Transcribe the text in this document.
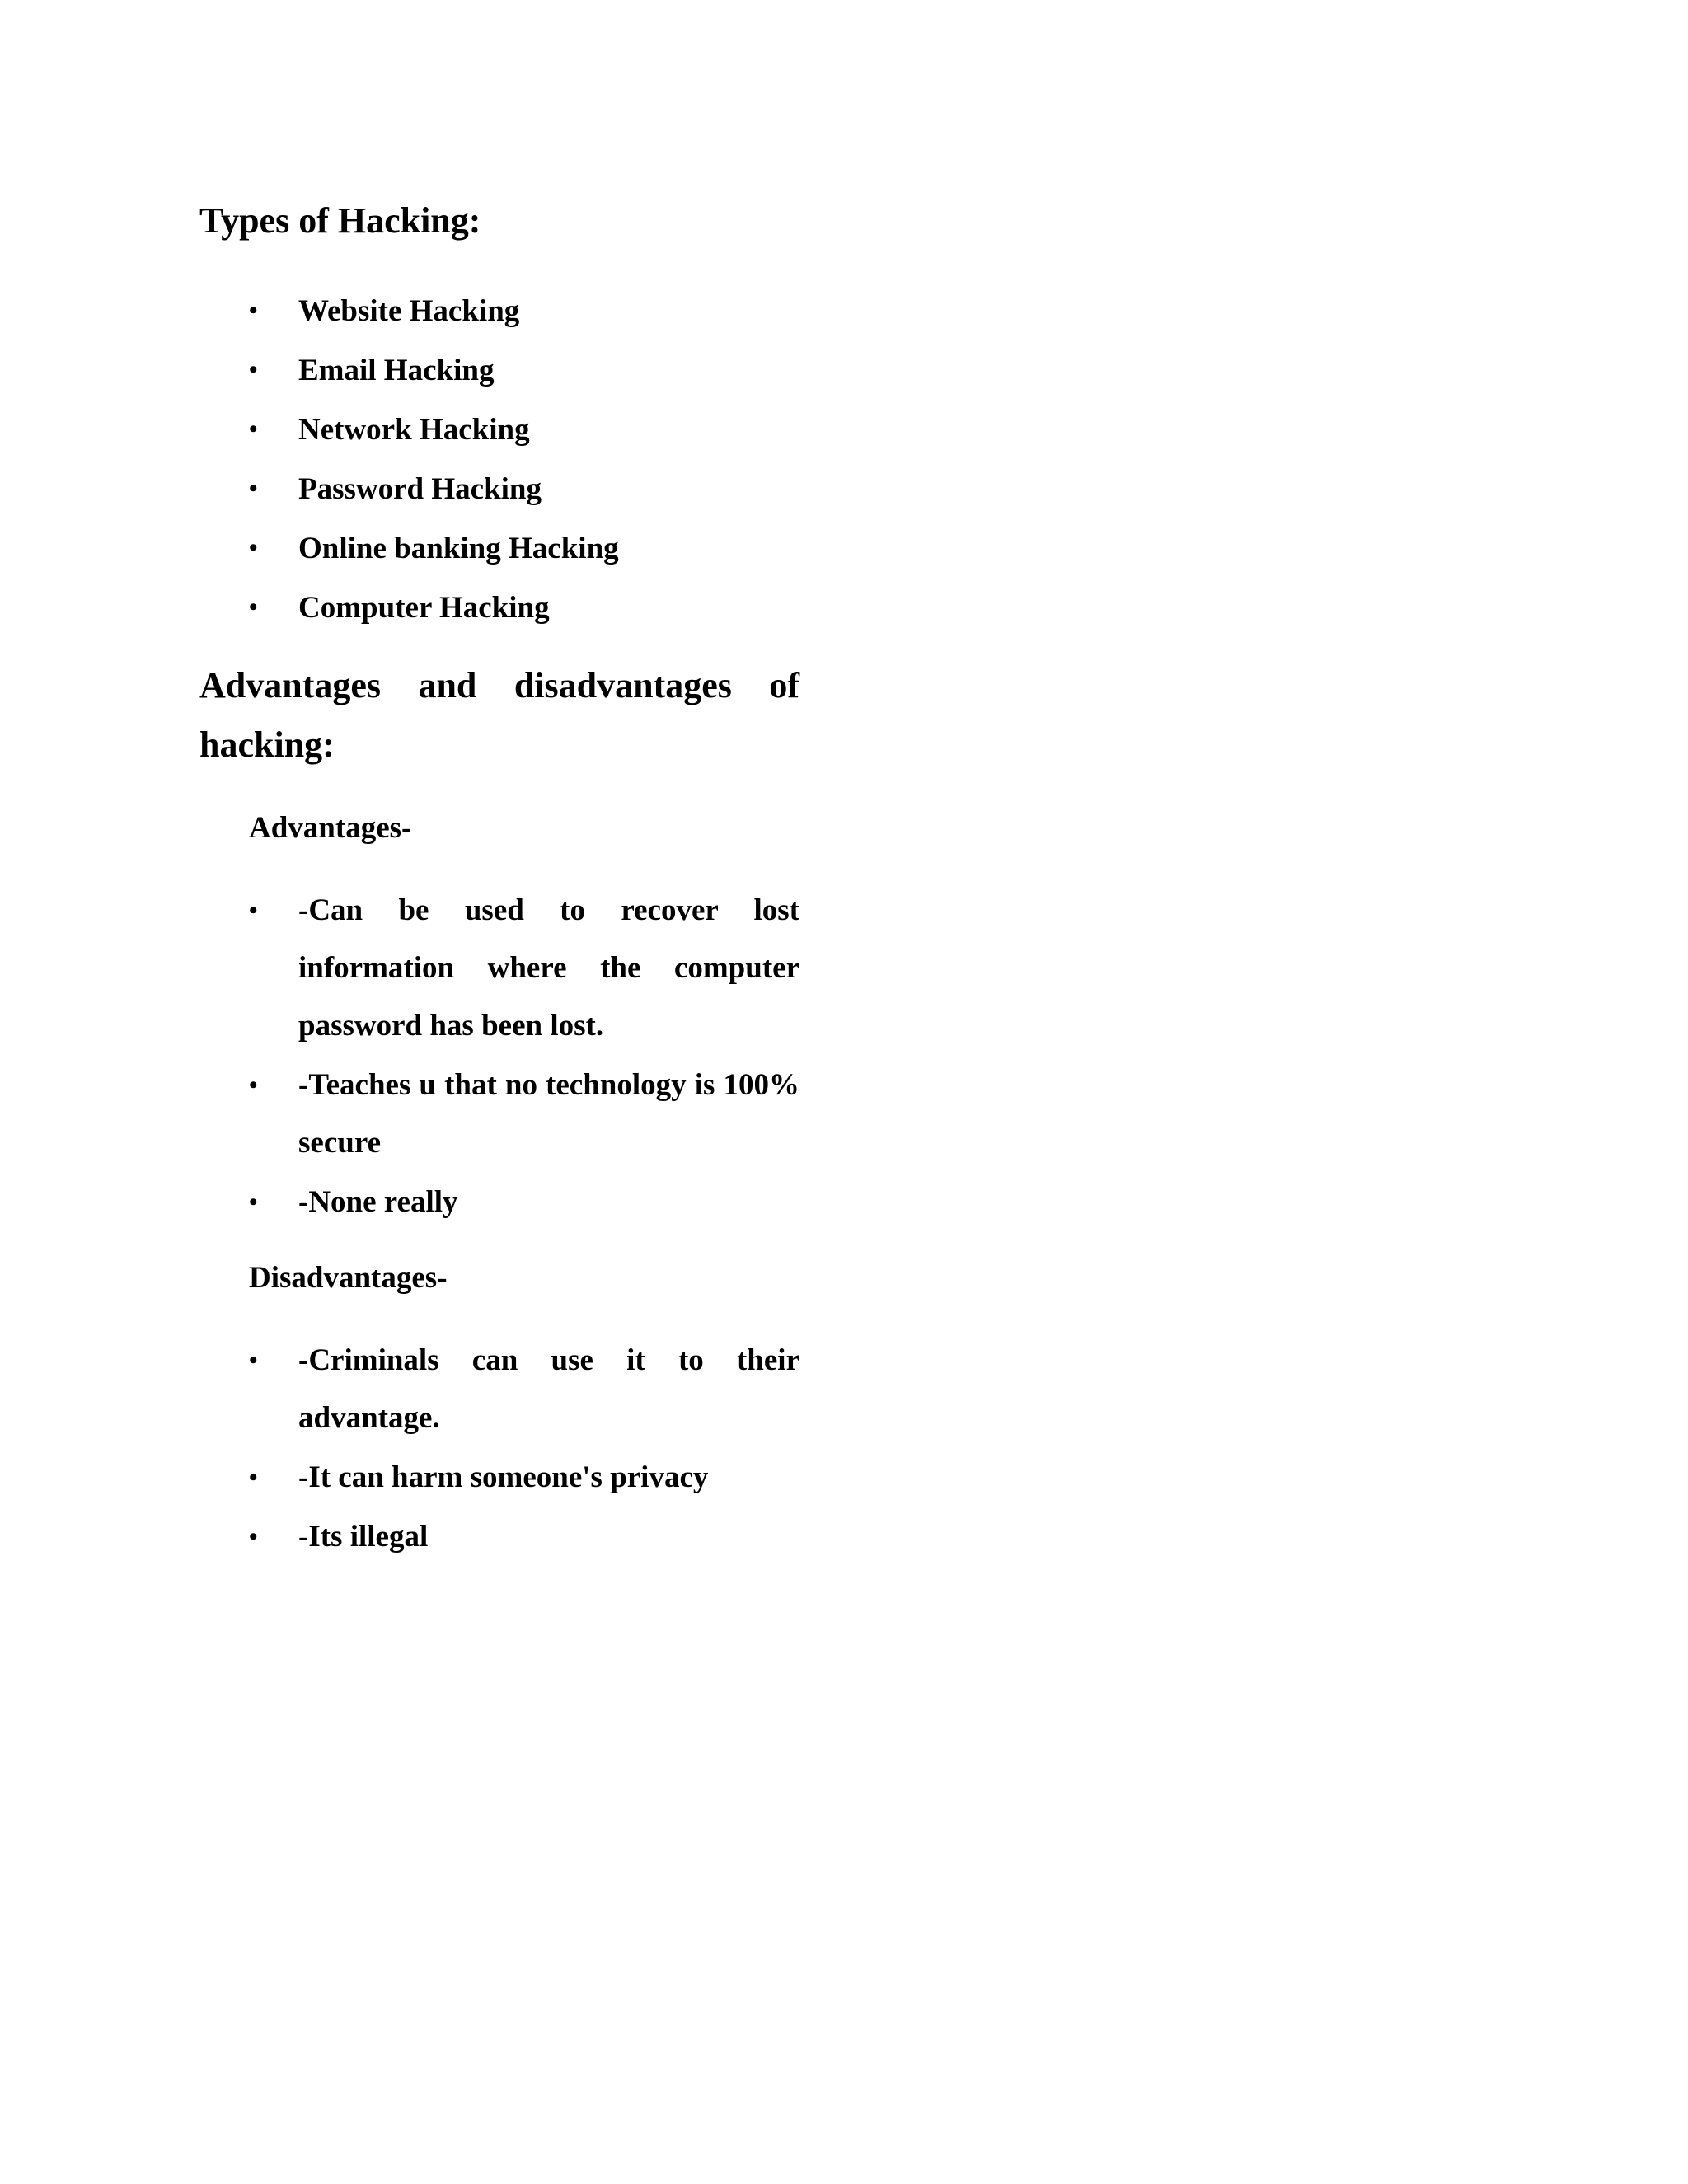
Types of Hacking:
• Website Hacking
• Email Hacking
• Network Hacking
• Password Hacking
• Online banking Hacking
• Computer Hacking
Advantages and disadvantages of hacking:

Advantages-

• -Can be used to recover lost information where the computer password has been lost.
• -Teaches u that no technology is 100% secure
• -None really

Disadvantages-

• -Criminals can use it to their advantage.
• -It can harm someone's privacy
• -Its illegal
